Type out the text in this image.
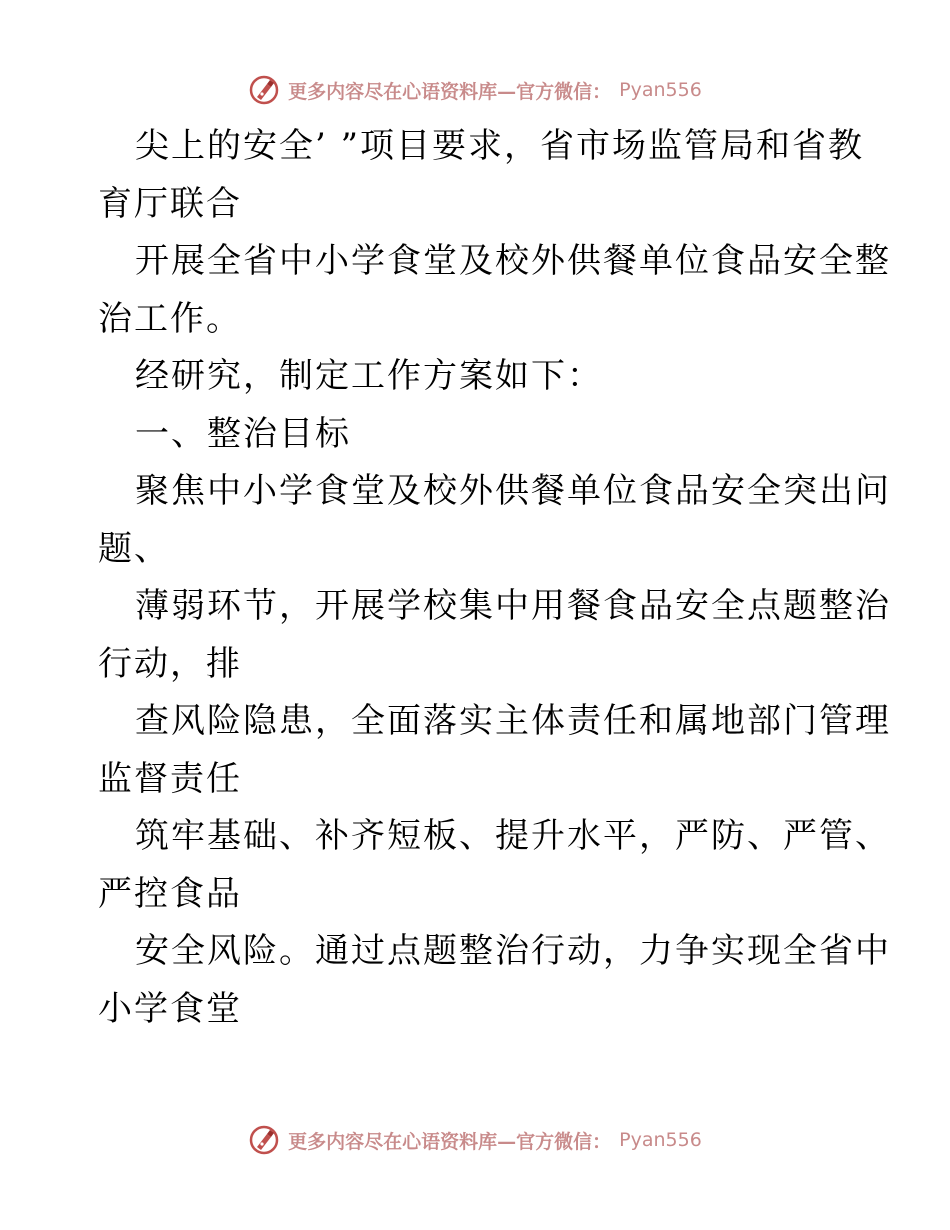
更多内容尽在心语资料库—官方微信： Pyan556

尖上的安全’ ”项目要求，省市场监管局和省教
育厅联合

开展全省中小学食堂及校外供餐单位食品安全整
治工作。

经研究，制定工作方案如下：

一、整治目标

聚焦中小学食堂及校外供餐单位食品安全突出问
题、

薄弱环节，开展学校集中用餐食品安全点题整治
行动，排

查风险隐患，全面落实主体责任和属地部门管理
监督责任

筑牢基础、补齐短板、提升水平，严防、严管、
严控食品

安全风险。通过点题整治行动，力争实现全省中
小学食堂

更多内容尽在心语资料库—官方微信： Pyan556
